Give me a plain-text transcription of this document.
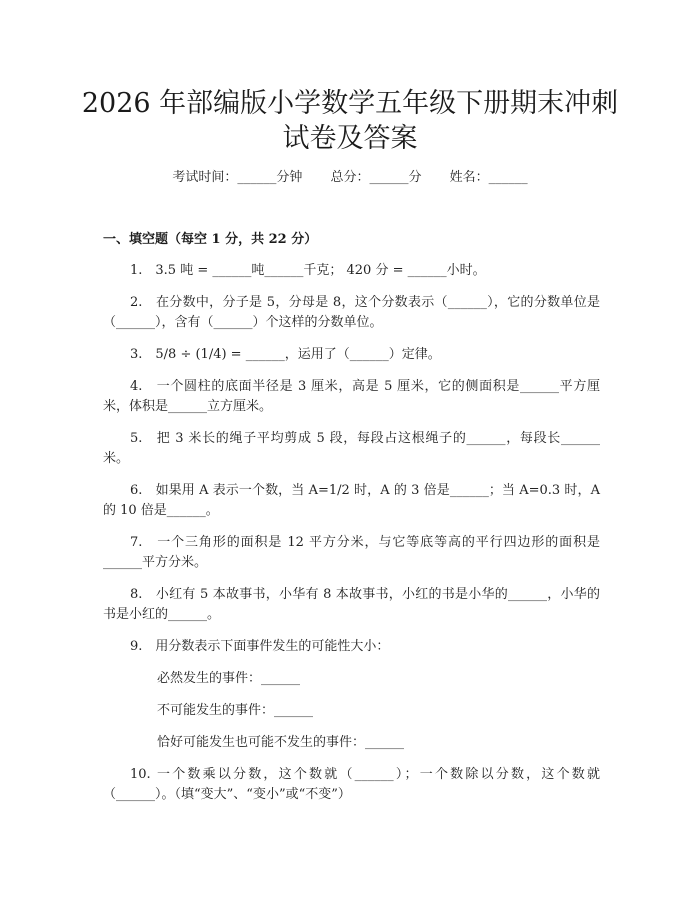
2026 年部编版小学数学五年级下册期末冲刺
试卷及答案
考试时间：______分钟 总分：______分 姓名：______
一、填空题（每空 1 分，共 22 分）

1.　3.5 吨 = ______吨______千克； 420 分 = ______小时。

2.　在分数中，分子是 5，分母是 8，这个分数表示（______），它的分数单位是（______），含有（______）个这样的分数单位。

3.　5/8 ÷ (1/4) = ______，运用了（______）定律。

4.　一个圆柱的底面半径是 3 厘米，高是 5 厘米，它的侧面积是______平方厘米，体积是______立方厘米。

5.　把 3 米长的绳子平均剪成 5 段，每段占这根绳子的______，每段长______米。

6.　如果用 A 表示一个数，当 A=1/2 时，A 的 3 倍是______；当 A=0.3 时，A 的 10 倍是______。

7.　一个三角形的面积是 12 平方分米，与它等底等高的平行四边形的面积是______平方分米。

8.　小红有 5 本故事书，小华有 8 本故事书，小红的书是小华的______，小华的书是小红的______。

9.　用分数表示下面事件发生的可能性大小：

必然发生的事件：______
不可能发生的事件：______
恰好可能发生也可能不发生的事件：______

10. 一个数乘以分数，这个数就（______）；一个数除以分数，这个数就（______）。（填“变大”、“变小”或“不变”）
